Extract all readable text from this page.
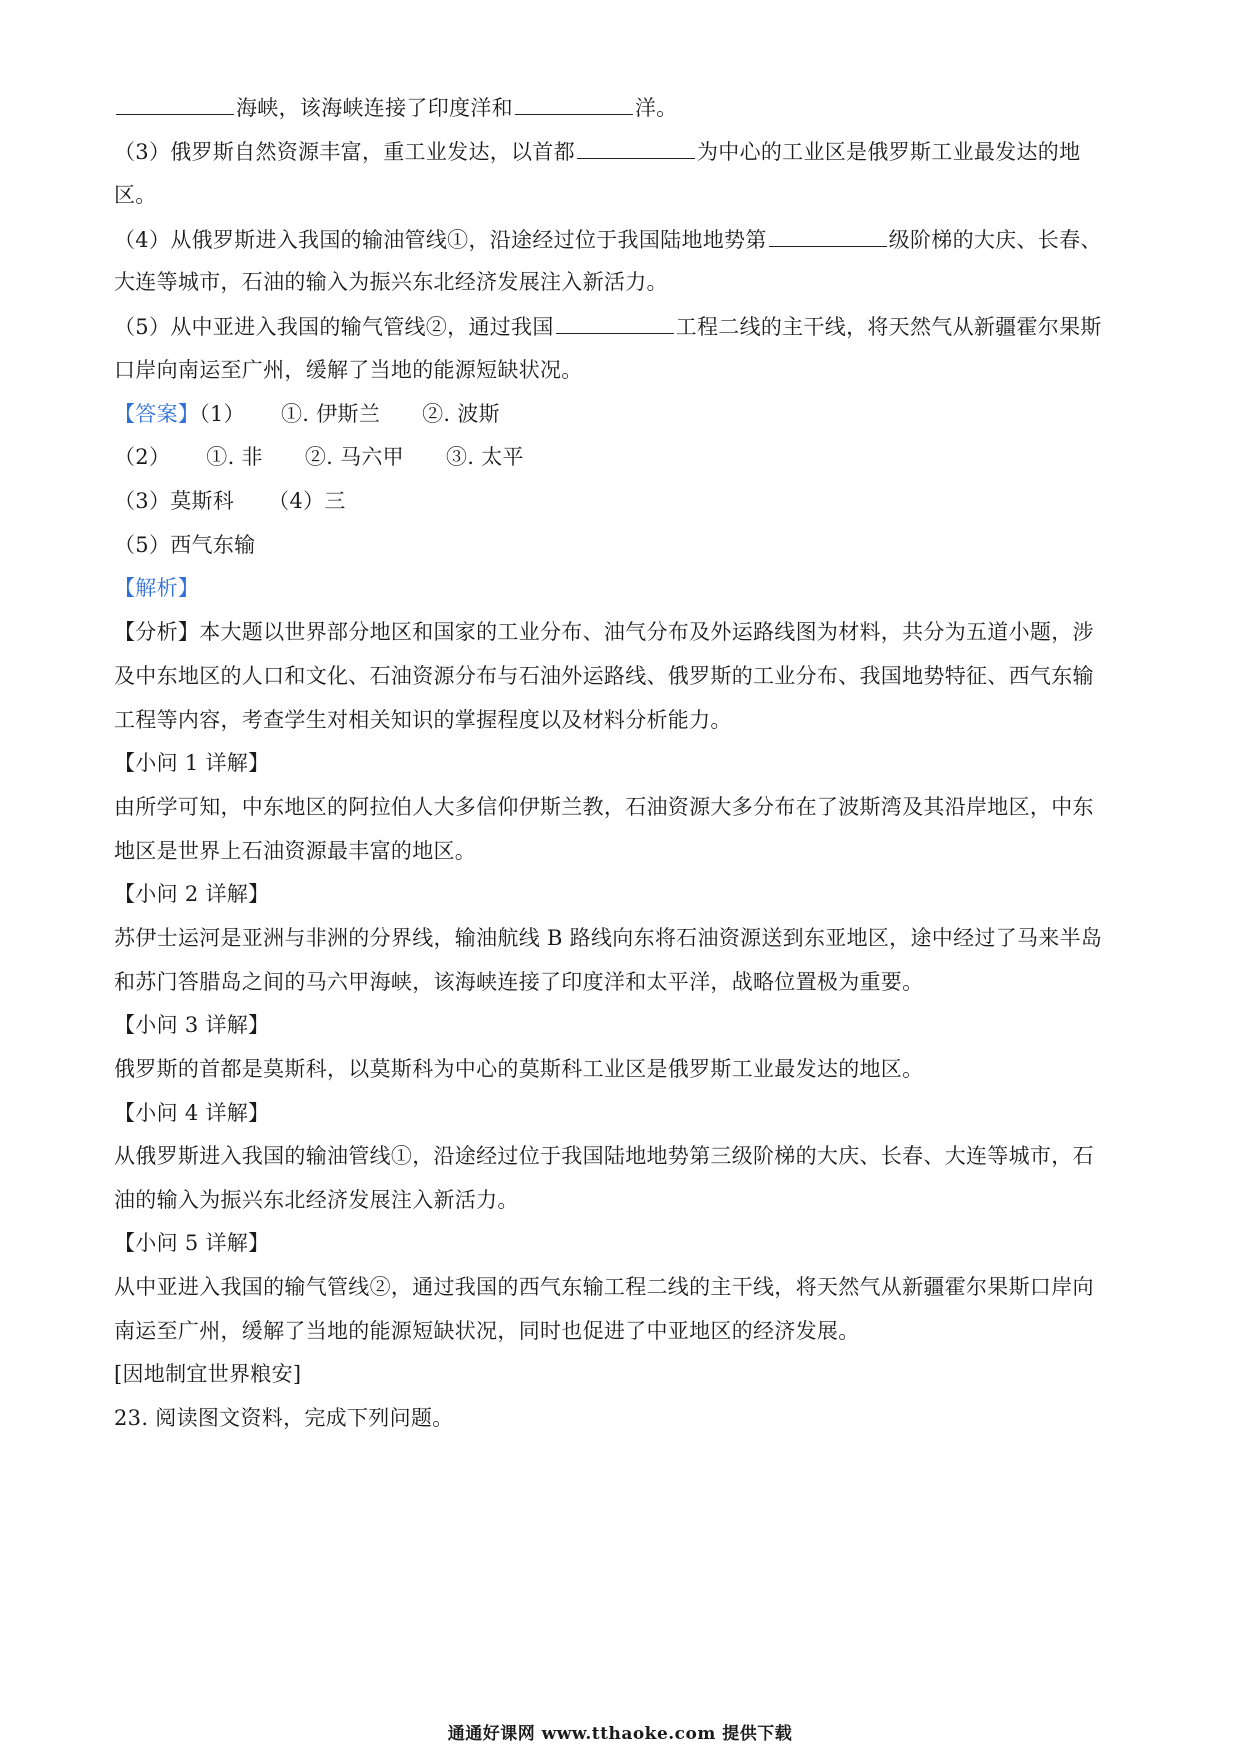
海峡，该海峡连接了印度洋和	洋。
（3）俄罗斯自然资源丰富，重工业发达，以首都	为中心的工业区是俄罗斯工业最发达的地
区。
（4）从俄罗斯进入我国的输油管线①，沿途经过位于我国陆地地势第	级阶梯的大庆、长春、
大连等城市，石油的输入为振兴东北经济发展注入新活力。
（5）从中亚进入我国的输气管线②，通过我国	工程二线的主干线，将天然气从新疆霍尔果斯
口岸向南运至广州，缓解了当地的能源短缺状况。
【答案】（1） ①. 伊斯兰 ②. 波斯
（2） ①. 非 ②. 马六甲 ③. 太平
（3）莫斯科 （4）三
（5）西气东输
【解析】
【分析】本大题以世界部分地区和国家的工业分布、油气分布及外运路线图为材料，共分为五道小题，涉
及中东地区的人口和文化、石油资源分布与石油外运路线、俄罗斯的工业分布、我国地势特征、西气东输
工程等内容，考查学生对相关知识的掌握程度以及材料分析能力。
【小问 1 详解】
由所学可知，中东地区的阿拉伯人大多信仰伊斯兰教，石油资源大多分布在了波斯湾及其沿岸地区，中东
地区是世界上石油资源最丰富的地区。
【小问 2 详解】
苏伊士运河是亚洲与非洲的分界线，输油航线 B 路线向东将石油资源送到东亚地区，途中经过了马来半岛
和苏门答腊岛之间的马六甲海峡，该海峡连接了印度洋和太平洋，战略位置极为重要。
【小问 3 详解】
俄罗斯的首都是莫斯科，以莫斯科为中心的莫斯科工业区是俄罗斯工业最发达的地区。
【小问 4 详解】
从俄罗斯进入我国的输油管线①，沿途经过位于我国陆地地势第三级阶梯的大庆、长春、大连等城市，石
油的输入为振兴东北经济发展注入新活力。
【小问 5 详解】
从中亚进入我国的输气管线②，通过我国的西气东输工程二线的主干线，将天然气从新疆霍尔果斯口岸向
南运至广州，缓解了当地的能源短缺状况，同时也促进了中亚地区的经济发展。
[因地制宜世界粮安]
23. 阅读图文资料，完成下列问题。
通通好课网 www.tthaoke.com 提供下载
